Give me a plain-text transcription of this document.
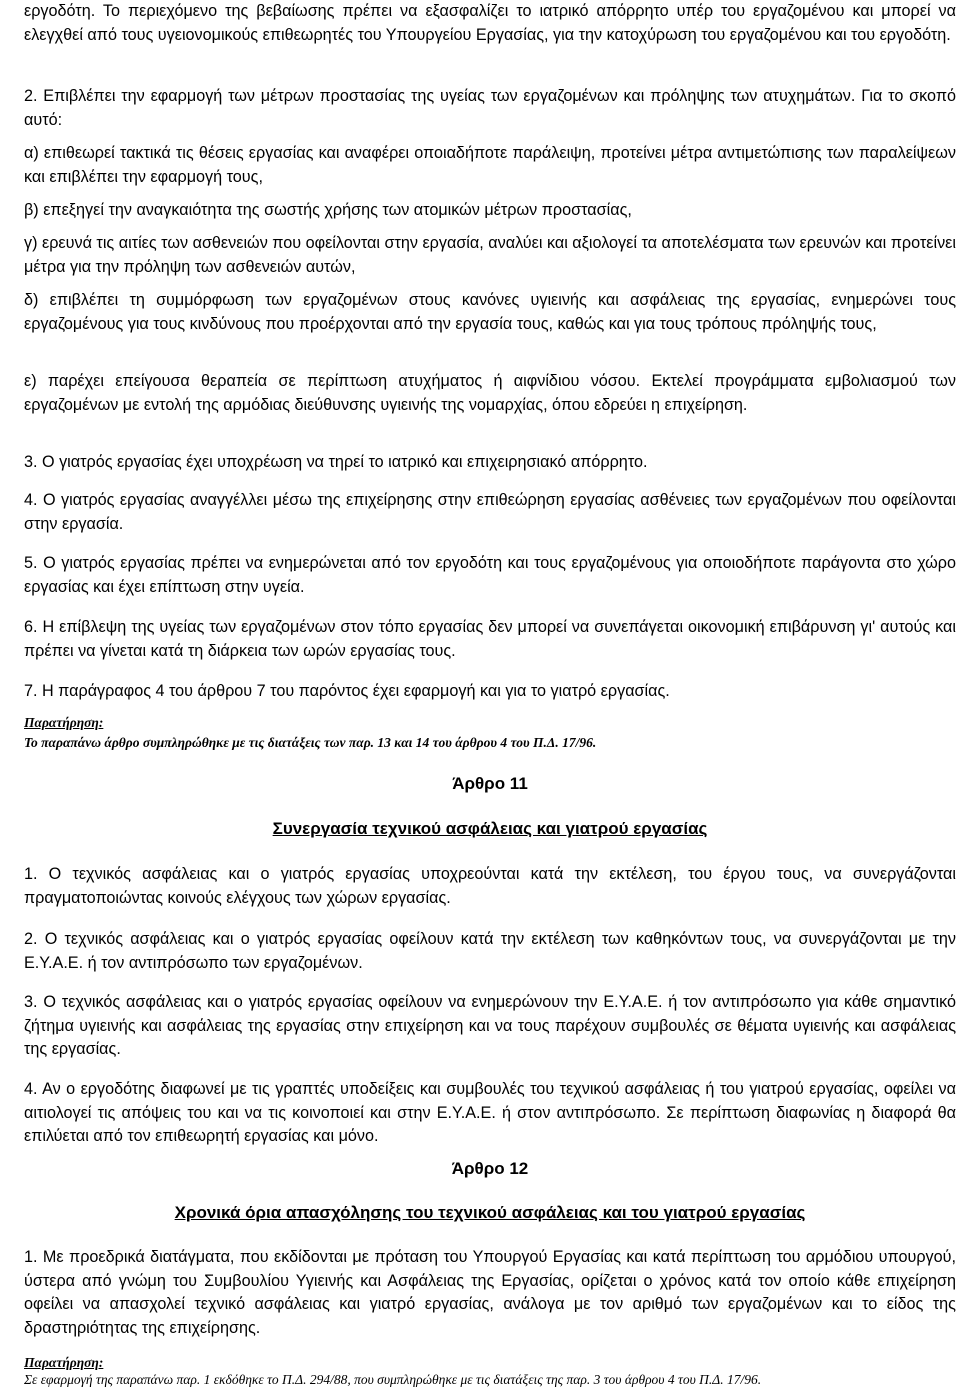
εργοδότη. Το περιεχόμενο της βεβαίωσης πρέπει να εξασφαλίζει το ιατρικό απόρρητο υπέρ του εργαζομένου και μπορεί να ελεγχθεί από τους υγειονομικούς επιθεωρητές του Υπουργείου Εργασίας, για την κατοχύρωση του εργαζομένου και του εργοδότη.

2. Επιβλέπει την εφαρμογή των μέτρων προστασίας της υγείας των εργαζομένων και πρόληψης των ατυχημάτων. Για το σκοπό αυτό:

α) επιθεωρεί τακτικά τις θέσεις εργασίας και αναφέρει οποιαδήποτε παράλειψη, προτείνει μέτρα αντιμετώπισης των παραλείψεων και επιβλέπει την εφαρμογή τους,

β) επεξηγεί την αναγκαιότητα της σωστής χρήσης των ατομικών μέτρων προστασίας,

γ) ερευνά τις αιτίες των ασθενειών που οφείλονται στην εργασία, αναλύει και αξιολογεί τα αποτελέσματα των ερευνών και προτείνει μέτρα για την πρόληψη των ασθενειών αυτών,

δ) επιβλέπει τη συμμόρφωση των εργαζομένων στους κανόνες υγιεινής και ασφάλειας της εργασίας, ενημερώνει τους εργαζομένους για τους κινδύνους που προέρχονται από την εργασία τους, καθώς και για τους τρόπους πρόληψής τους,

ε) παρέχει επείγουσα θεραπεία σε περίπτωση ατυχήματος ή αιφνίδιου νόσου. Εκτελεί προγράμματα εμβολιασμού των εργαζομένων με εντολή της αρμόδιας διεύθυνσης υγιεινής της νομαρχίας, όπου εδρεύει η επιχείρηση.

3. Ο γιατρός εργασίας έχει υποχρέωση να τηρεί το ιατρικό και επιχειρησιακό απόρρητο.

4. Ο γιατρός εργασίας αναγγέλλει μέσω της επιχείρησης στην επιθεώρηση εργασίας ασθένειες των εργαζομένων που οφείλονται στην εργασία.

5. Ο γιατρός εργασίας πρέπει να ενημερώνεται από τον εργοδότη και τους εργαζομένους για οποιοδήποτε παράγοντα στο χώρο εργασίας και έχει επίπτωση στην υγεία.

6. Η επίβλεψη της υγείας των εργαζομένων στον τόπο εργασίας δεν μπορεί να συνεπάγεται οικονομική επιβάρυνση γι' αυτούς και πρέπει να γίνεται κατά τη διάρκεια των ωρών εργασίας τους.

7. Η παράγραφος 4 του άρθρου 7 του παρόντος έχει εφαρμογή και για το γιατρό εργασίας.

Παρατήρηση:

Το παραπάνω άρθρο συμπληρώθηκε με τις διατάξεις των παρ. 13 και 14 του άρθρου 4 του Π.Δ. 17/96.

Άρθρο 11

Συνεργασία τεχνικού ασφάλειας και γιατρού εργασίας

1. Ο τεχνικός ασφάλειας και ο γιατρός εργασίας υποχρεούνται κατά την εκτέλεση, του έργου τους, να συνεργάζονται πραγματοποιώντας κοινούς ελέγχους των χώρων εργασίας.

2. Ο τεχνικός ασφάλειας και ο γιατρός εργασίας οφείλουν κατά την εκτέλεση των καθηκόντων τους, να συνεργάζονται με την Ε.Υ.Α.Ε. ή τον αντιπρόσωπο των εργαζομένων.

3. Ο τεχνικός ασφάλειας και ο γιατρός εργασίας οφείλουν να ενημερώνουν την Ε.Υ.Α.Ε. ή τον αντιπρόσωπο για κάθε σημαντικό ζήτημα υγιεινής και ασφάλειας της εργασίας στην επιχείρηση και να τους παρέχουν συμβουλές σε θέματα υγιεινής και ασφάλειας της εργασίας.

4. Αν ο εργοδότης διαφωνεί με τις γραπτές υποδείξεις και συμβουλές του τεχνικού ασφάλειας ή του γιατρού εργασίας, οφείλει να αιτιολογεί τις απόψεις του και να τις κοινοποιεί και στην Ε.Υ.Α.Ε. ή στον αντιπρόσωπο. Σε περίπτωση διαφωνίας η διαφορά θα επιλύεται από τον επιθεωρητή εργασίας και μόνο.

Άρθρο 12

Χρονικά όρια απασχόλησης του τεχνικού ασφάλειας και του γιατρού εργασίας

1. Με προεδρικά διατάγματα, που εκδίδονται με πρόταση του Υπουργού Εργασίας και κατά περίπτωση του αρμόδιου υπουργού, ύστερα από γνώμη του Συμβουλίου Υγιεινής και Ασφάλειας της Εργασίας, ορίζεται ο χρόνος κατά τον οποίο κάθε επιχείρηση οφείλει να απασχολεί τεχνικό ασφάλειας και γιατρό εργασίας, ανάλογα με τον αριθμό των εργαζομένων και το είδος της δραστηριότητας της επιχείρησης.

Παρατήρηση:

Σε εφαρμογή της παραπάνω παρ. 1 εκδόθηκε το Π.Δ. 294/88, που συμπληρώθηκε με τις διατάξεις της παρ. 3 του άρθρου 4 του Π.Δ. 17/96.
